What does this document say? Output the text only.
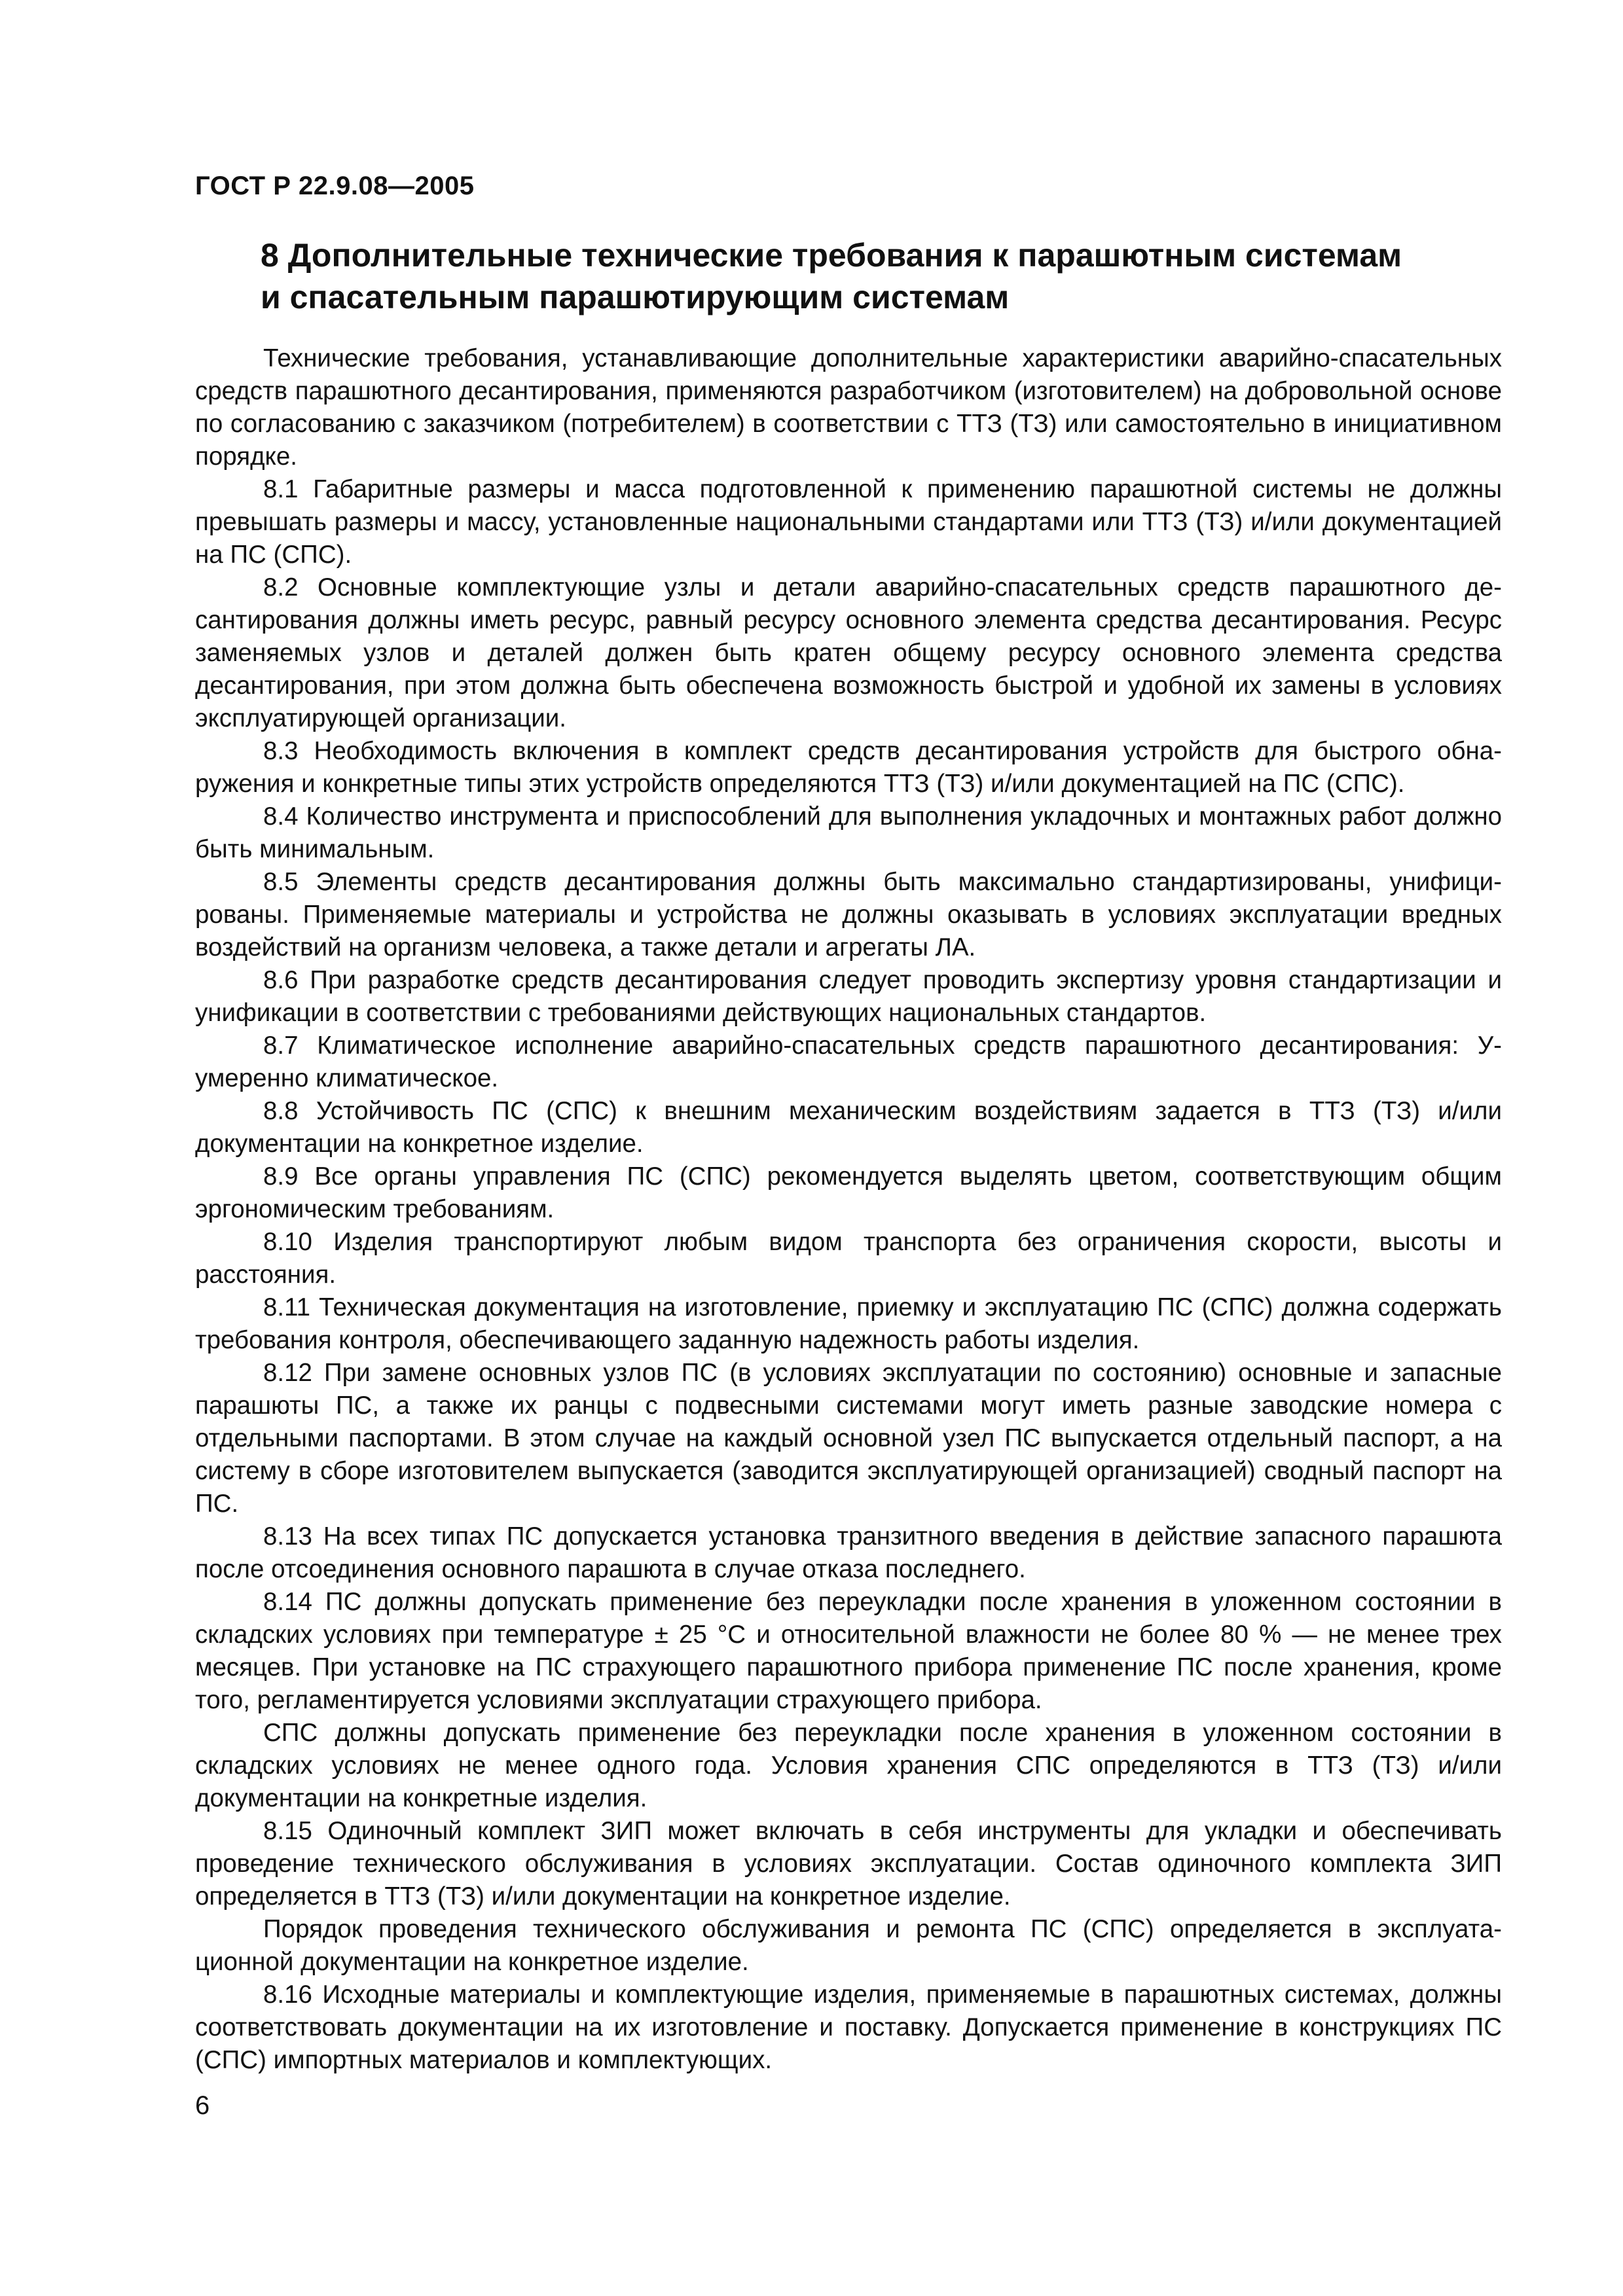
ГОСТ Р 22.9.08—2005
8 Дополнительные технические требования к парашютным системам
и спасательным парашютирующим системам

Технические требования, устанавливающие дополнительные характеристики аварийно-спасательных средств парашютного десантирования, применяются разработчиком (изготовителем) на добровольной основе по согласованию с заказчиком (потребителем) в соответствии с ТТЗ (ТЗ) или самостоятельно в инициативном порядке.

8.1 Габаритные размеры и масса подготовленной к применению парашютной системы не должны превышать размеры и массу, установленные национальными стандартами или ТТЗ (ТЗ) и/или документацией на ПС (СПС).

8.2 Основные комплектующие узлы и детали аварийно-спасательных средств парашютного десантирования должны иметь ресурс, равный ресурсу основного элемента средства десантирования. Ресурс заменяемых узлов и деталей должен быть кратен общему ресурсу основного элемента средства десантирования, при этом должна быть обеспечена возможность быстрой и удобной их замены в условиях эксплуатирующей организации.

8.3 Необходимость включения в комплект средств десантирования устройств для быстрого обнаружения и конкретные типы этих устройств определяются ТТЗ (ТЗ) и/или документацией на ПС (СПС).

8.4 Количество инструмента и приспособлений для выполнения укладочных и монтажных работ должно быть минимальным.

8.5 Элементы средств десантирования должны быть максимально стандартизированы, унифицированы. Применяемые материалы и устройства не должны оказывать в условиях эксплуатации вредных воздействий на организм человека, а также детали и агрегаты ЛА.

8.6 При разработке средств десантирования следует проводить экспертизу уровня стандартизации и унификации в соответствии с требованиями действующих национальных стандартов.

8.7 Климатическое исполнение аварийно-спасательных средств парашютного десантирования: У-умеренно климатическое.

8.8 Устойчивость ПС (СПС) к внешним механическим воздействиям задается в ТТЗ (ТЗ) и/или документации на конкретное изделие.

8.9 Все органы управления ПС (СПС) рекомендуется выделять цветом, соответствующим общим эргономическим требованиям.

8.10 Изделия транспортируют любым видом транспорта без ограничения скорости, высоты и расстояния.

8.11 Техническая документация на изготовление, приемку и эксплуатацию ПС (СПС) должна содержать требования контроля, обеспечивающего заданную надежность работы изделия.

8.12 При замене основных узлов ПС (в условиях эксплуатации по состоянию) основные и запасные парашюты ПС, а также их ранцы с подвесными системами могут иметь разные заводские номера с отдельными паспортами. В этом случае на каждый основной узел ПС выпускается отдельный паспорт, а на систему в сборе изготовителем выпускается (заводится эксплуатирующей организацией) сводный паспорт на ПС.

8.13 На всех типах ПС допускается установка транзитного введения в действие запасного парашюта после отсоединения основного парашюта в случае отказа последнего.

8.14 ПС должны допускать применение без переукладки после хранения в уложенном состоянии в складских условиях при температуре ± 25 °С и относительной влажности не более 80 % — не менее трех месяцев. При установке на ПС страхующего парашютного прибора применение ПС после хранения, кроме того, регламентируется условиями эксплуатации страхующего прибора.

СПС должны допускать применение без переукладки после хранения в уложенном состоянии в складских условиях не менее одного года. Условия хранения СПС определяются в ТТЗ (ТЗ) и/или документации на конкретные изделия.

8.15 Одиночный комплект ЗИП может включать в себя инструменты для укладки и обеспечивать проведение технического обслуживания в условиях эксплуатации. Состав одиночного комплекта ЗИП определяется в ТТЗ (ТЗ) и/или документации на конкретное изделие.

Порядок проведения технического обслуживания и ремонта ПС (СПС) определяется в эксплуатационной документации на конкретное изделие.

8.16 Исходные материалы и комплектующие изделия, применяемые в парашютных системах, должны соответствовать документации на их изготовление и поставку. Допускается применение в конструкциях ПС (СПС) импортных материалов и комплектующих.

6
